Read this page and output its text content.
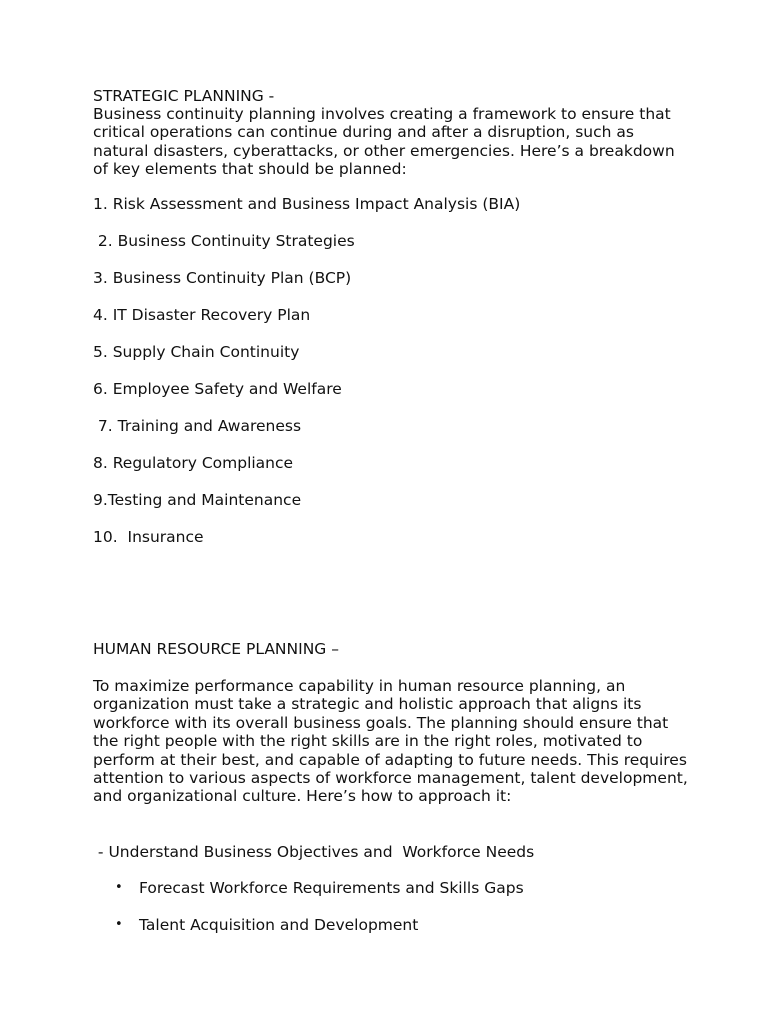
STRATEGIC PLANNING -

Business continuity planning involves creating a framework to ensure that critical operations can continue during and after a disruption, such as natural disasters, cyberattacks, or other emergencies. Here’s a breakdown of key elements that should be planned:

1. Risk Assessment and Business Impact Analysis (BIA)
2. Business Continuity Strategies
3. Business Continuity Plan (BCP)
4. IT Disaster Recovery Plan
5. Supply Chain Continuity
6. Employee Safety and Welfare
7. Training and Awareness
8. Regulatory Compliance
9.Testing and Maintenance
10.  Insurance

HUMAN RESOURCE PLANNING –

To maximize performance capability in human resource planning, an organization must take a strategic and holistic approach that aligns its workforce with its overall business goals. The planning should ensure that the right people with the right skills are in the right roles, motivated to perform at their best, and capable of adapting to future needs. This requires attention to various aspects of workforce management, talent development, and organizational culture. Here’s how to approach it:

- Understand Business Objectives and  Workforce Needs

• Forecast Workforce Requirements and Skills Gaps
• Talent Acquisition and Development
